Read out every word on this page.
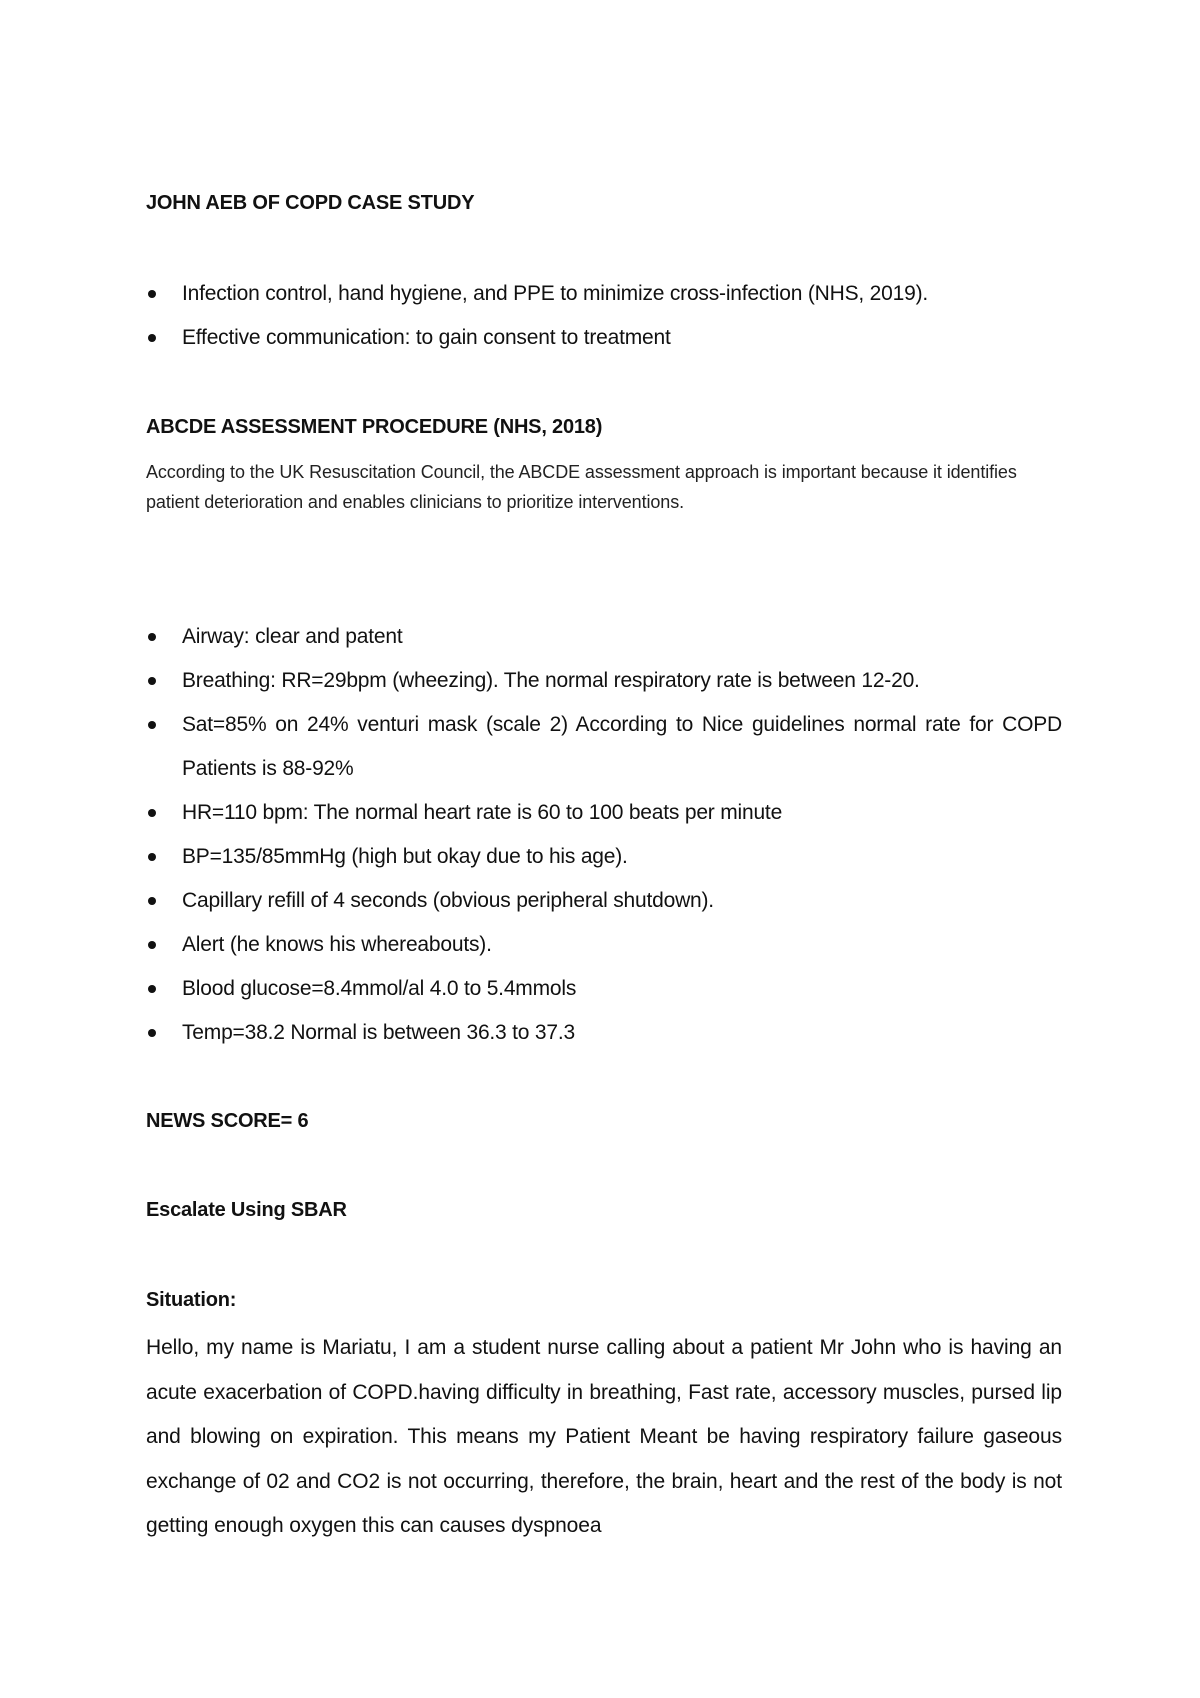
JOHN AEB OF COPD CASE STUDY
Infection control, hand hygiene, and PPE to minimize cross-infection (NHS, 2019).
Effective communication: to gain consent to treatment
ABCDE ASSESSMENT PROCEDURE (NHS, 2018)
According to the UK Resuscitation Council, the ABCDE assessment approach is important because it identifies patient deterioration and enables clinicians to prioritize interventions.
Airway: clear and patent
Breathing: RR=29bpm (wheezing). The normal respiratory rate is between 12-20.
Sat=85% on 24% venturi mask (scale 2) According to Nice guidelines normal rate for COPD Patients is 88-92%
HR=110 bpm: The normal heart rate is 60 to 100 beats per minute
BP=135/85mmHg (high but okay due to his age).
Capillary refill of 4 seconds (obvious peripheral shutdown).
Alert (he knows his whereabouts).
Blood glucose=8.4mmol/al 4.0 to 5.4mmols
Temp=38.2 Normal is between 36.3 to 37.3
NEWS SCORE= 6
Escalate Using SBAR
Situation:
Hello, my name is Mariatu, I am a student nurse calling about a patient Mr John who is having an acute exacerbation of COPD.having difficulty in breathing, Fast rate, accessory muscles, pursed lip and blowing on expiration. This means my Patient Meant be having respiratory failure gaseous exchange of 02 and CO2 is not occurring, therefore, the brain, heart and the rest of the body is not getting enough oxygen this can causes dyspnoea
